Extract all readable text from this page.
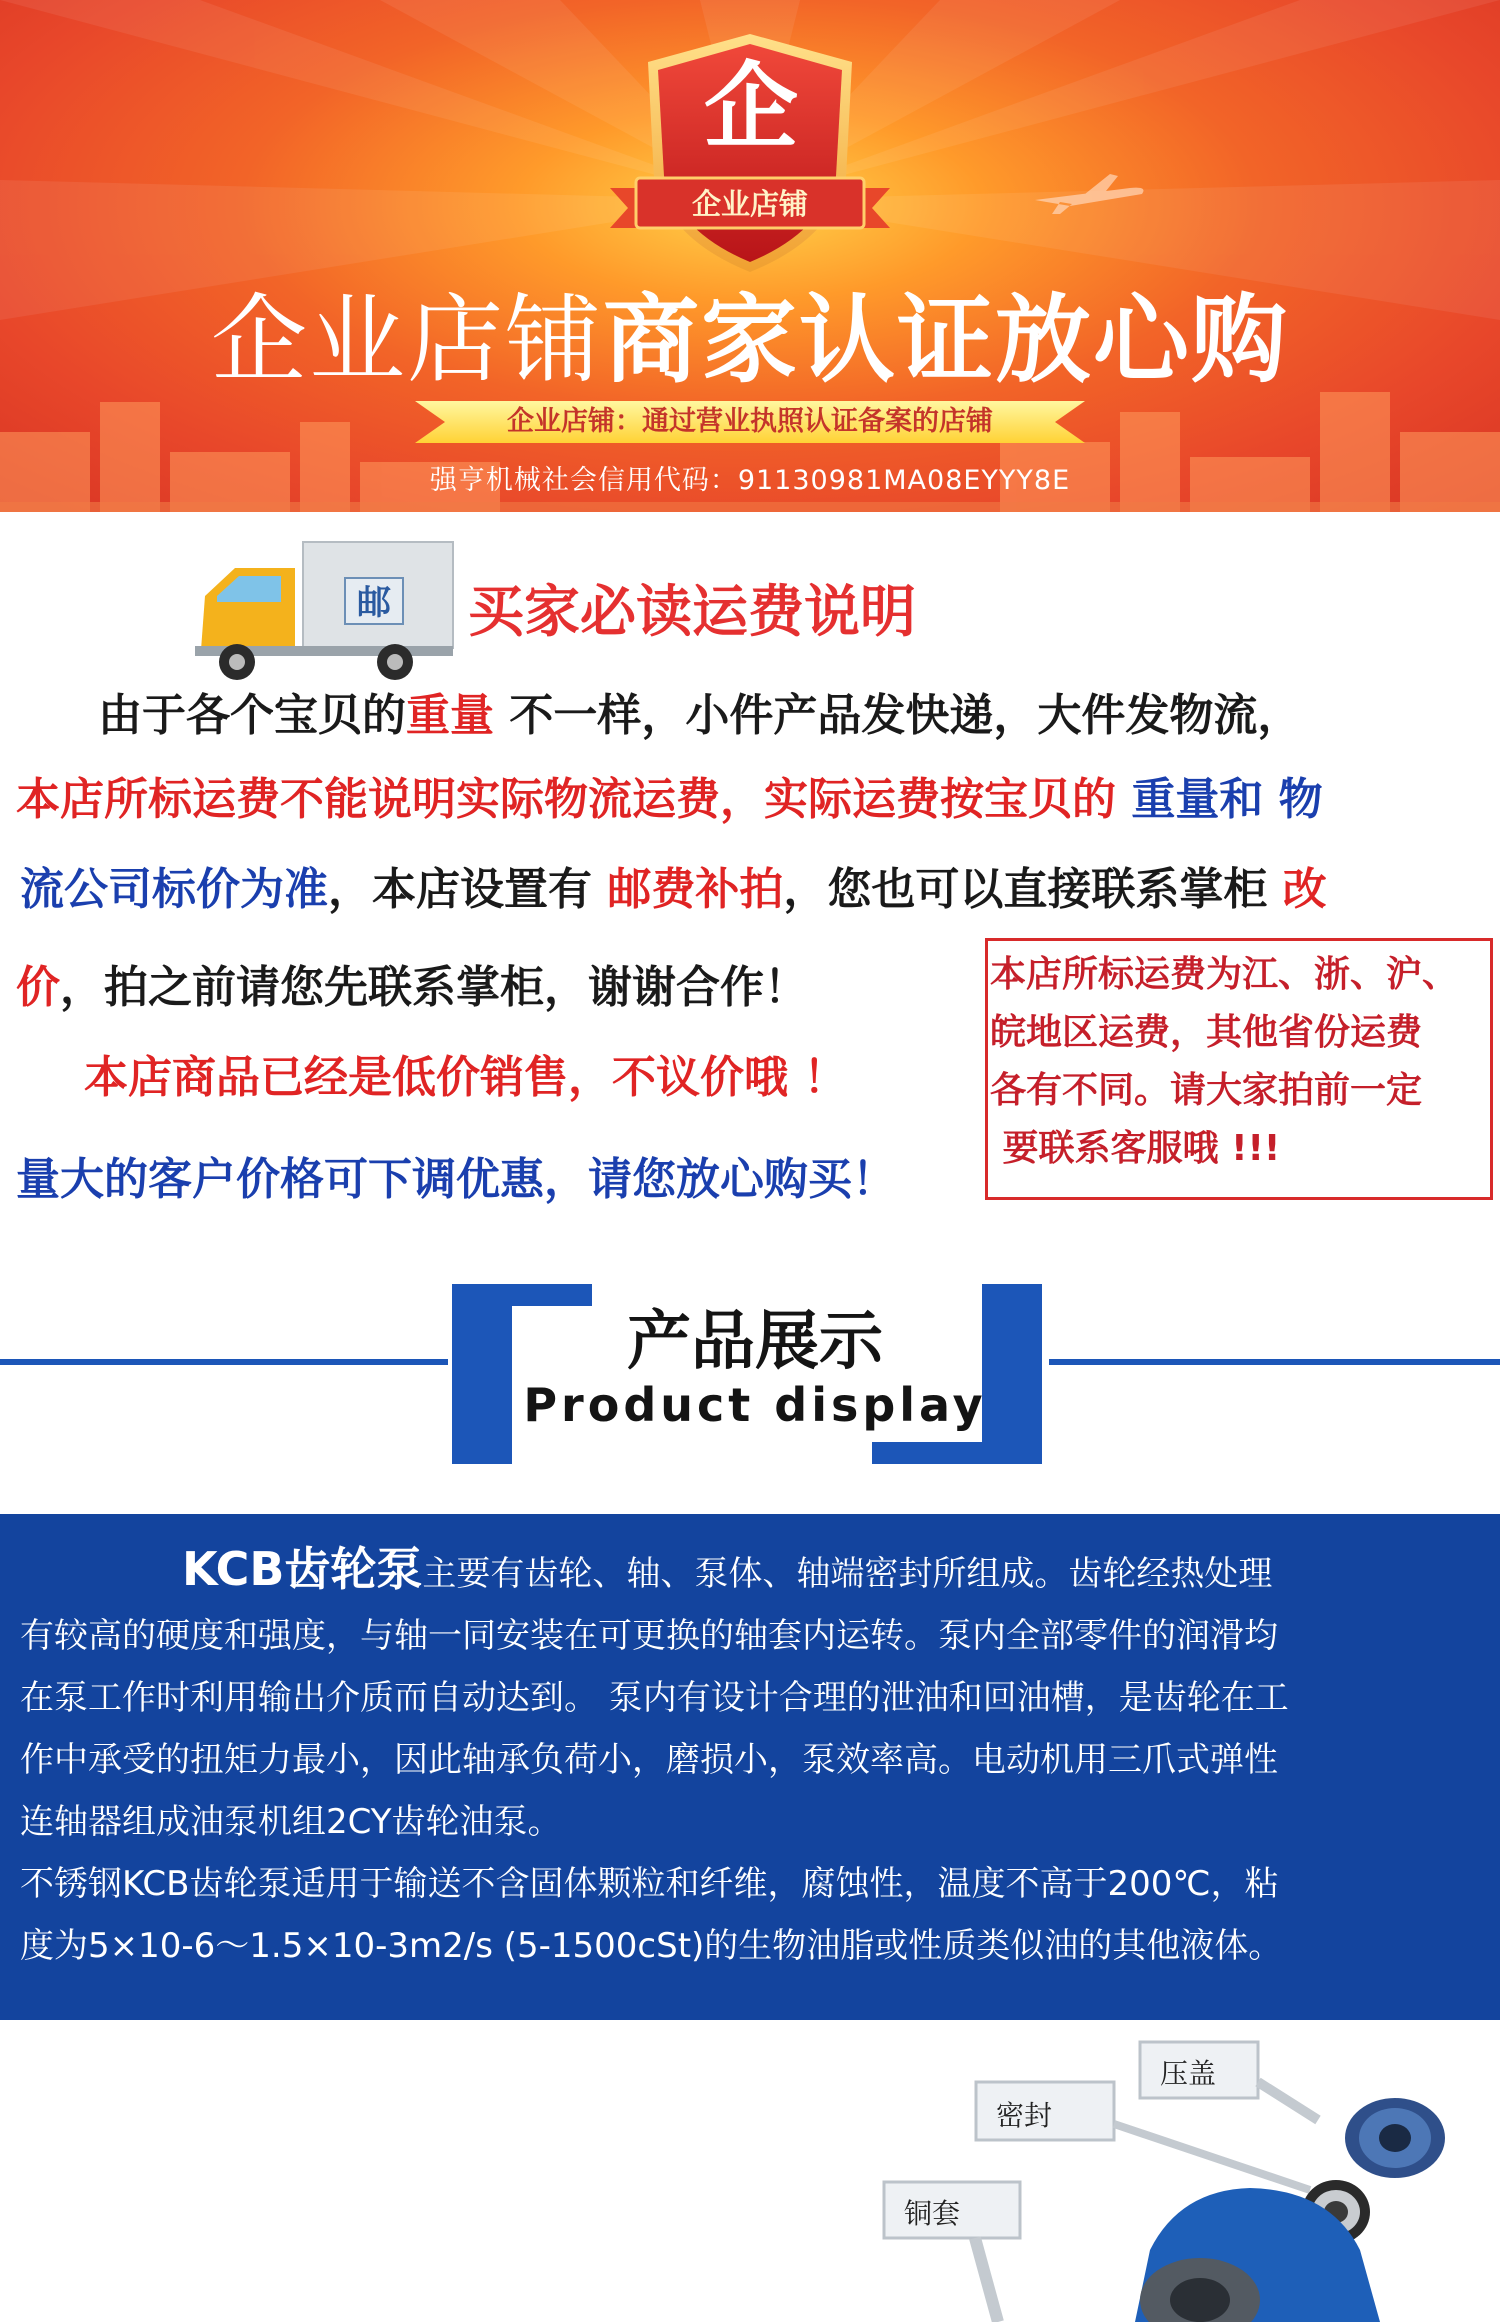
企
企业店铺
企业店铺商家认证放心购
企业店铺：通过营业执照认证备案的店铺
强亨机械社会信用代码：91130981MA08EYYY8E
邮 买家必读运费说明
由于各个宝贝的重量 不一样，小件产品发快递，大件发物流，
本店所标运费不能说明实际物流运费，实际运费按宝贝的 重量和 物
流公司标价为准，本店设置有 邮费补拍，您也可以直接联系掌柜 改
价，拍之前请您先联系掌柜，谢谢合作！
本店商品已经是低价销售，不议价哦 ！
量大的客户价格可下调优惠，请您放心购买！
本店所标运费为江、浙、沪、
皖地区运费，其他省份运费
各有不同。请大家拍前一定
要联系客服哦 !!!
产品展示
Product display
KCB齿轮泵主要有齿轮、轴、泵体、轴端密封所组成。齿轮经热处理
有较高的硬度和强度，与轴一同安装在可更换的轴套内运转。泵内全部零件的润滑均
在泵工作时利用输出介质而自动达到。 泵内有设计合理的泄油和回油槽，是齿轮在工
作中承受的扭矩力最小，因此轴承负荷小，磨损小，泵效率高。电动机用三爪式弹性
连轴器组成油泵机组2CY齿轮油泵。
不锈钢KCB齿轮泵适用于输送不含固体颗粒和纤维，腐蚀性，温度不高于200℃，粘
度为5×10-6～1.5×10-3m2/s (5-1500cSt)的生物油脂或性质类似油的其他液体。
压盖
密封
铜套
